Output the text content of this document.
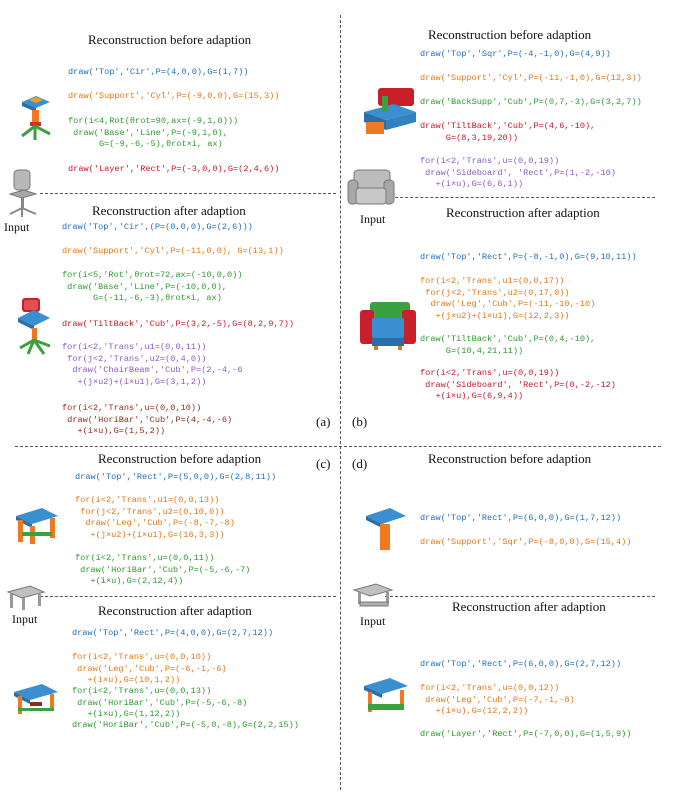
Reconstruction before adaption
draw('Top','Cir',P=(4,0,0),G=(1,7))
draw('Support','Cyl',P=(-9,0,0),G=(15,3))
for(i<4,Rot(θrot=90,ax=(-9,1,0)))
draw('Base','Line',P=(-9,1,0),
G=(-9,-6,-5),θrot×i, ax)
draw('Layer','Rect',P=(-3,0,0),G=(2,4,6))
Reconstruction after adaption
draw('Top','Cir',(P=(0,0,0),G=(2,6)))
draw('Support','Cyl',P=(-11,0,0), G=(13,1))
for(i<5,'Rot',θrot=72,ax=(-10,0,0))
draw('Base','Line',P=(-10,0,0),
G=(-11,-6,-3),θrot×i, ax)
draw('TiltBack','Cub',P=(3,2,-5),G=(8,2,9,7))
for(i<2,'Trans',u1=(0,0,11))
for(j<2,'Trans',u2=(0,4,0))
draw('ChairBeam','Cub',P=(2,-4,-6
+(j×u2)+(i×u1),G=(3,1,2))
for(i<2,'Trans',u=(0,0,10))
draw('HoriBar','Cub',P=(4,-4,-6)
+(i×u),G=(1,5,2))
(a)
Input
Reconstruction before adaption
draw('Top','Sqr',P=(-4,-1,0),G=(4,9))
draw('Support','Cyl',P=(-11,-1,0),G=(12,3))
draw('BackSupp','Cub',P=(0,7,-3),G=(3,2,7))
draw('TiltBack','Cub',P=(4,6,-10),
G=(8,3,19,20))
for(i<2,'Trans',u=(0,0,19))
draw('Sideboard', 'Rect',P=(1,-2,-10)
+(i×u),G=(6,6,1))
Reconstruction after adaption
draw('Top','Rect',P=(-8,-1,0),G=(9,10,11))
for(i<2,'Trans',u1=(0,0,17))
for(j<2,'Trans',u2=(0,17,0))
draw('Leg','Cub',P=(-11,-10,-10)
+(j×u2)+(i×u1),G=(12,2,3))
draw('TiltBack','Cub',P=(0,4,-10),
G=(10,4,21,11))
for(i<2,'Trans',u=(0,0,19))
draw('Sideboard', 'Rect',P=(0,-2,-12)
+(i×u),G=(6,9,4))
(b)
Input
(c)
Reconstruction before adaption
draw('Top','Rect',P=(5,0,0),G=(2,8,11))
for(i<2,'Trans',u1=(0,0,13))
for(j<2,'Trans',u2=(0,10,0))
draw('Leg','Cub',P=(-8,-7,-8)
+(j×u2)+(i×u1),G=(16,3,3))
for(i<2,'Trans',u=(0,0,11))
draw('HoriBar','Cub',P=(-5,-6,-7)
+(i×u),G=(2,12,4))
Reconstruction after adaption
draw('Top','Rect',P=(4,0,0),G=(2,7,12))
for(i<2,'Trans',u=(0,0,10))
draw('Leg','Cub',P=(-6,-1,-6)
+(i×u),G=(10,1,2))
for(i<2,'Trans',u=(0,0,13))
draw('HoriBar','Cub',P=(-5,-6,-8)
+(i×u),G=(1,12,2))
draw('HoriBar','Cub',P=(-5,0,-8),G=(2,2,15))
Input
(d)	Reconstruction before adaption
draw('Top','Rect',P=(6,0,0),G=(1,7,12))
draw('Support','Sqr',P=(-8,0,0),G=(15,4))
Reconstruction after adaption
draw('Top','Rect',P=(6,0,0),G=(2,7,12))
for(i<2,'Trans',u=(0,0,12))
draw('Leg','Cub',P=(-7,-1,-8)
+(i×u),G=(12,2,2))
draw('Layer','Rect',P=(-7,0,0),G=(1,5,9))
Input
